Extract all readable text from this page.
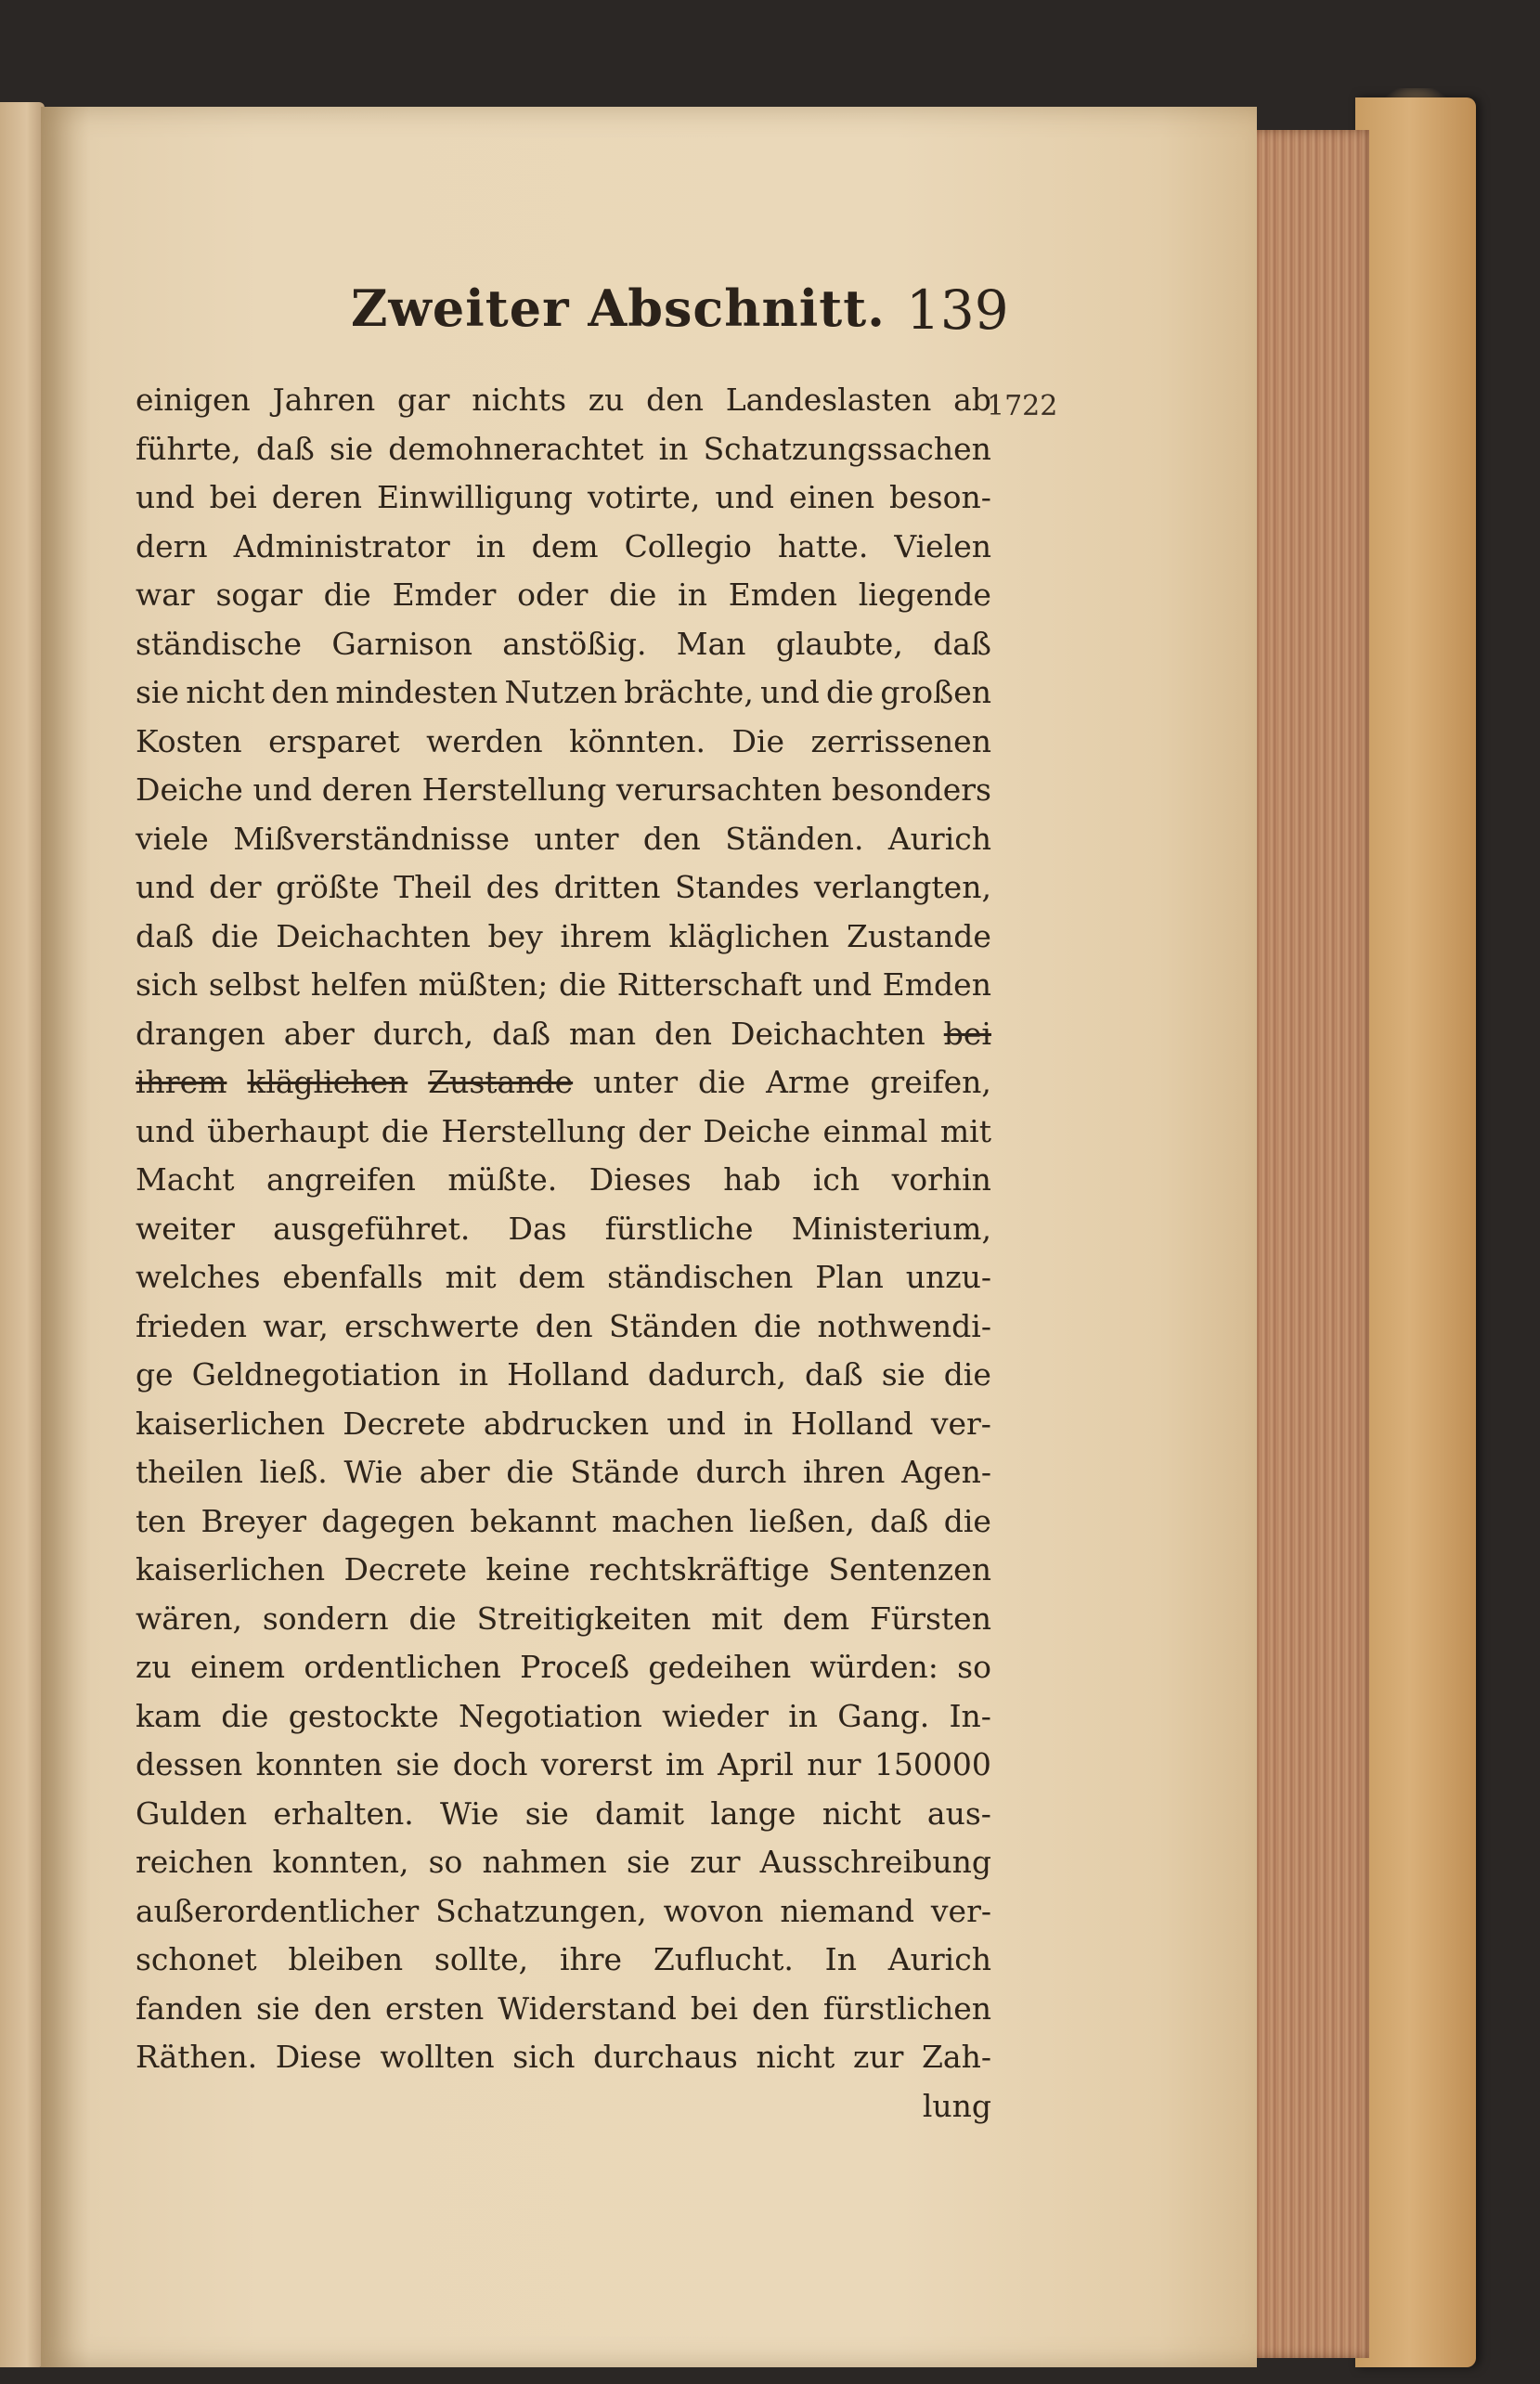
Zweiter Abschnitt. 139
1722
einigen Jahren gar nichts zu den Landeslasten ab
führte, daß sie demohnerachtet in Schatzungssachen
und bei deren Einwilligung votirte, und einen beson-
dern Administrator in dem Collegio hatte. Vielen
war sogar die Emder oder die in Emden liegende
ständische Garnison anstößig. Man glaubte, daß
sie nicht den mindesten Nutzen brächte, und die großen
Kosten ersparet werden könnten. Die zerrissenen
Deiche und deren Herstellung verursachten besonders
viele Mißverständnisse unter den Ständen. Aurich
und der größte Theil des dritten Standes verlangten,
daß die Deichachten bey ihrem kläglichen Zustande
sich selbst helfen müßten; die Ritterschaft und Emden
drangen aber durch, daß man den Deichachten bei
ihrem kläglichen Zustande unter die Arme greifen,
und überhaupt die Herstellung der Deiche einmal mit
Macht angreifen müßte. Dieses hab ich vorhin
weiter ausgeführet. Das fürstliche Ministerium,
welches ebenfalls mit dem ständischen Plan unzu-
frieden war, erschwerte den Ständen die nothwendi-
ge Geldnegotiation in Holland dadurch, daß sie die
kaiserlichen Decrete abdrucken und in Holland ver-
theilen ließ. Wie aber die Stände durch ihren Agen-
ten Breyer dagegen bekannt machen ließen, daß die
kaiserlichen Decrete keine rechtskräftige Sentenzen
wären, sondern die Streitigkeiten mit dem Fürsten
zu einem ordentlichen Proceß gedeihen würden: so
kam die gestockte Negotiation wieder in Gang. In-
dessen konnten sie doch vorerst im April nur 150000
Gulden erhalten. Wie sie damit lange nicht aus-
reichen konnten, so nahmen sie zur Ausschreibung
außerordentlicher Schatzungen, wovon niemand ver-
schonet bleiben sollte, ihre Zuflucht. In Aurich
fanden sie den ersten Widerstand bei den fürstlichen
Räthen. Diese wollten sich durchaus nicht zur Zah-
lung
